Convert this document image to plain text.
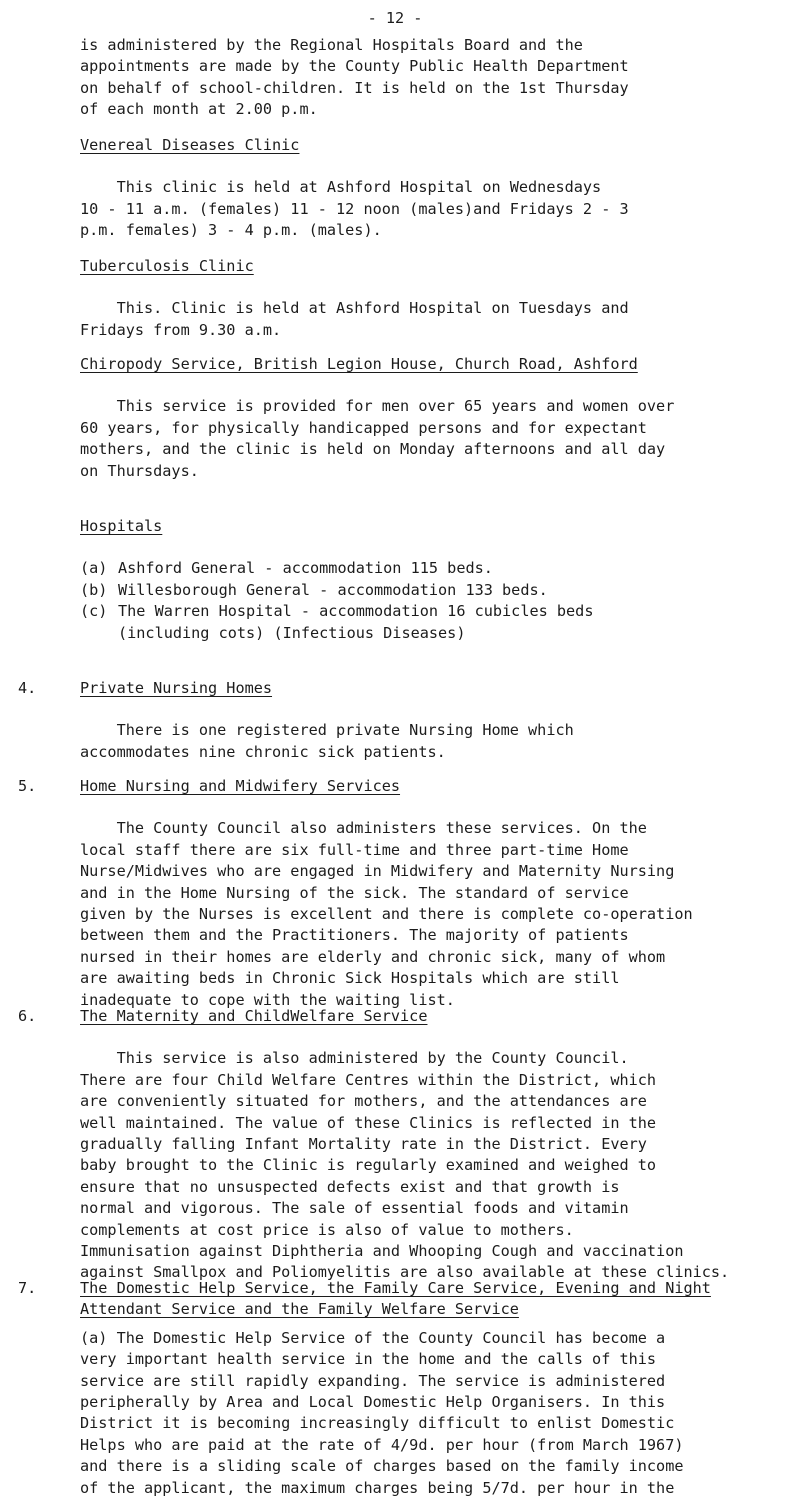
- 12 -
is administered by the Regional Hospitals Board and the
appointments are made by the County Public Health Department
on behalf of school-children. It is held on the 1st Thursday
of each month at 2.00 p.m.
Venereal Diseases Clinic
This clinic is held at Ashford Hospital on Wednesdays
10 - 11 a.m. (females) 11 - 12 noon (males)and Fridays 2 - 3
p.m. females) 3 - 4 p.m. (males).
Tuberculosis Clinic
This. Clinic is held at Ashford Hospital on Tuesdays and
Fridays from 9.30 a.m.
Chiropody Service, British Legion House, Church Road, Ashford
This service is provided for men over 65 years and women over
60 years, for physically handicapped persons and for expectant
mothers, and the clinic is held on Monday afternoons and all day
on Thursdays.
Hospitals
(a) Ashford General - accommodation 115 beds.
(b) Willesborough General - accommodation 133 beds.
(c) The Warren Hospital - accommodation 16 cubicles beds
(including cots) (Infectious Diseases)
4.	Private Nursing Homes
There is one registered private Nursing Home which
accommodates nine chronic sick patients.
5.	Home Nursing and Midwifery Services
The County Council also administers these services. On the
local staff there are six full-time and three part-time Home
Nurse/Midwives who are engaged in Midwifery and Maternity Nursing
and in the Home Nursing of the sick. The standard of service
given by the Nurses is excellent and there is complete co-operation
between them and the Practitioners. The majority of patients
nursed in their homes are elderly and chronic sick, many of whom
are awaiting beds in Chronic Sick Hospitals which are still
inadequate to cope with the waiting list.
6.	The Maternity and ChildWelfare Service
This service is also administered by the County Council.
There are four Child Welfare Centres within the District, which
are conveniently situated for mothers, and the attendances are
well maintained. The value of these Clinics is reflected in the
gradually falling Infant Mortality rate in the District. Every
baby brought to the Clinic is regularly examined and weighed to
ensure that no unsuspected defects exist and that growth is
normal and vigorous. The sale of essential foods and vitamin
complements at cost price is also of value to mothers.
Immunisation against Diphtheria and Whooping Cough and vaccination
against Smallpox and Poliomyelitis are also available at these clinics.
7.	The Domestic Help Service, the Family Care Service, Evening and Night
Attendant Service and the Family Welfare Service
(a) The Domestic Help Service of the County Council has become a
very important health service in the home and the calls of this
service are still rapidly expanding. The service is administered
peripherally by Area and Local Domestic Help Organisers. In this
District it is becoming increasingly difficult to enlist Domestic
Helps who are paid at the rate of 4/9d. per hour (from March 1967)
and there is a sliding scale of charges based on the family income
of the applicant, the maximum charges being 5/7d. per hour in the
